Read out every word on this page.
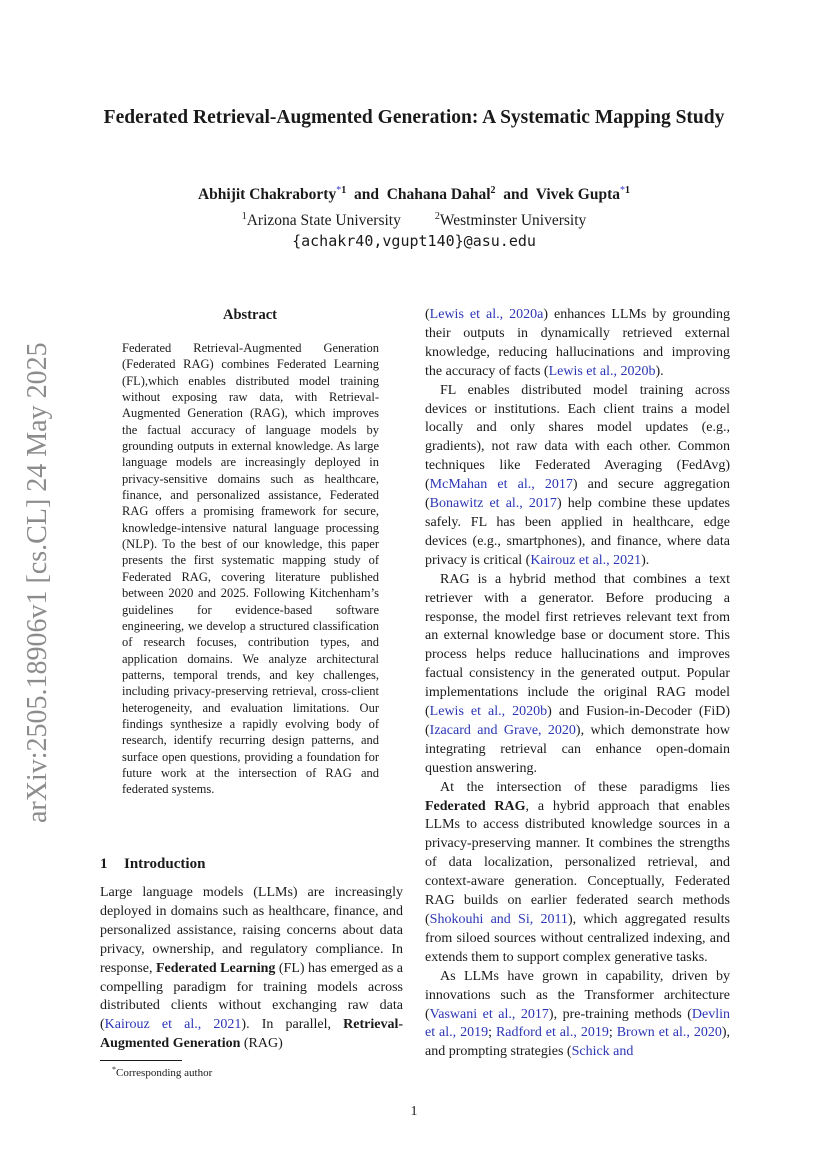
arXiv:2505.18906v1 [cs.CL] 24 May 2025
Federated Retrieval-Augmented Generation: A Systematic Mapping Study
Abhijit Chakraborty$^{*1}$ and Chahana Dahal$^2$ and Vivek Gupta$^{*1}$
$^1$Arizona State University	$^2$Westminster University
{achakr40,vgupt140}@asu.edu
Abstract
Federated Retrieval-Augmented Generation (Federated RAG) combines Federated Learning (FL),which enables distributed model training without exposing raw data, with Retrieval-Augmented Generation (RAG), which improves the factual accuracy of language models by grounding outputs in external knowledge. As large language models are increasingly deployed in privacy-sensitive domains such as healthcare, finance, and personalized assistance, Federated RAG offers a promising framework for secure, knowledge-intensive natural language processing (NLP). To the best of our knowledge, this paper presents the first systematic mapping study of Federated RAG, covering literature published between 2020 and 2025. Following Kitchenham’s guidelines for evidence-based software engineering, we develop a structured classification of research focuses, contribution types, and application domains. We analyze architectural patterns, temporal trends, and key challenges, including privacy-preserving retrieval, cross-client heterogeneity, and evaluation limitations. Our findings synthesize a rapidly evolving body of research, identify recurring design patterns, and surface open questions, providing a foundation for future work at the intersection of RAG and federated systems.
1 Introduction
Large language models (LLMs) are increasingly deployed in domains such as healthcare, finance, and personalized assistance, raising concerns about data privacy, ownership, and regulatory compliance. In response, Federated Learning (FL) has emerged as a compelling paradigm for training models across distributed clients without exchanging raw data (Kairouz et al., 2021). In parallel, Retrieval-Augmented Generation (RAG)
*Corresponding author

(Lewis et al., 2020a) enhances LLMs by grounding their outputs in dynamically retrieved external knowledge, reducing hallucinations and improving the accuracy of facts (Lewis et al., 2020b).

FL enables distributed model training across devices or institutions. Each client trains a model locally and only shares model updates (e.g., gradients), not raw data with each other. Common techniques like Federated Averaging (FedAvg) (McMahan et al., 2017) and secure aggregation (Bonawitz et al., 2017) help combine these updates safely. FL has been applied in healthcare, edge devices (e.g., smartphones), and finance, where data privacy is critical (Kairouz et al., 2021).

RAG is a hybrid method that combines a text retriever with a generator. Before producing a response, the model first retrieves relevant text from an external knowledge base or document store. This process helps reduce hallucinations and improves factual consistency in the generated output. Popular implementations include the original RAG model (Lewis et al., 2020b) and Fusion-in-Decoder (FiD) (Izacard and Grave, 2020), which demonstrate how integrating retrieval can enhance open-domain question answering.

At the intersection of these paradigms lies Federated RAG, a hybrid approach that enables LLMs to access distributed knowledge sources in a privacy-preserving manner. It combines the strengths of data localization, personalized retrieval, and context-aware generation. Conceptually, Federated RAG builds on earlier federated search methods (Shokouhi and Si, 2011), which aggregated results from siloed sources without centralized indexing, and extends them to support complex generative tasks.

As LLMs have grown in capability, driven by innovations such as the Transformer architecture (Vaswani et al., 2017), pre-training methods (Devlin et al., 2019; Radford et al., 2019; Brown et al., 2020), and prompting strategies (Schick and

1
